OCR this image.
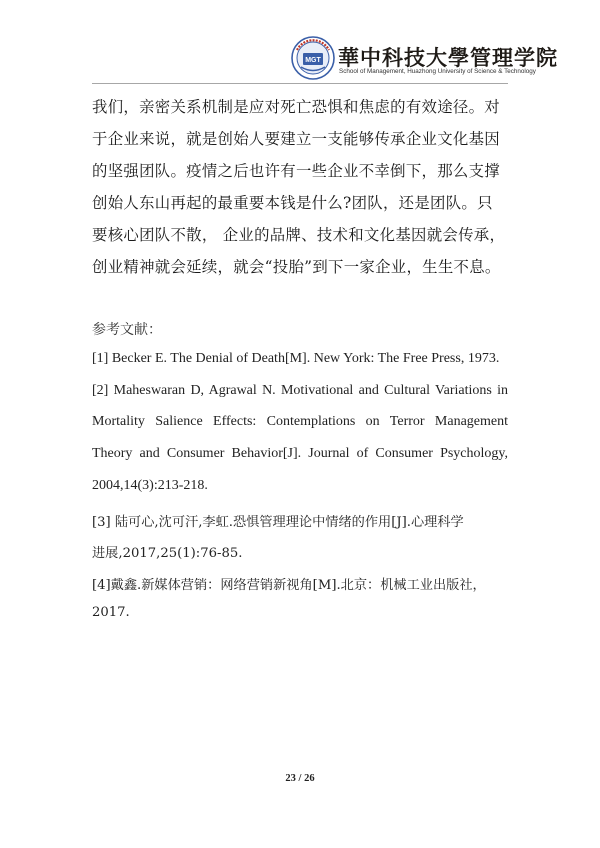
MGT 華中科技大學管理学院
School of Management, Huazhong University of Science & Technology

我们，亲密关系机制是应对死亡恐惧和焦虑的有效途径。对

于企业来说，就是创始人要建立一支能够传承企业文化基因

的坚强团队。疫情之后也许有一些企业不幸倒下，那么支撑

创始人东山再起的最重要本钱是什么?团队，还是团队。只

要核心团队不散， 企业的品牌、技术和文化基因就会传承，

创业精神就会延续，就会“投胎”到下一家企业，生生不息。

参考文献：

[1] Becker E. The Denial of Death[M]. New York: The Free Press, 1973.

[2] Maheswaran D, Agrawal N. Motivational and Cultural Variations in

Mortality Salience Effects: Contemplations on Terror Management

Theory and Consumer Behavior[J]. Journal of Consumer Psychology,

2004,14(3):213-218.

[3] 陆可心,沈可汗,李虹.恐惧管理理论中情绪的作用[J].心理科学

进展,2017,25(1):76-85.

[4]戴鑫.新媒体营销：网络营销新视角[M].北京：机械工业出版社，

2017.

23 / 26
